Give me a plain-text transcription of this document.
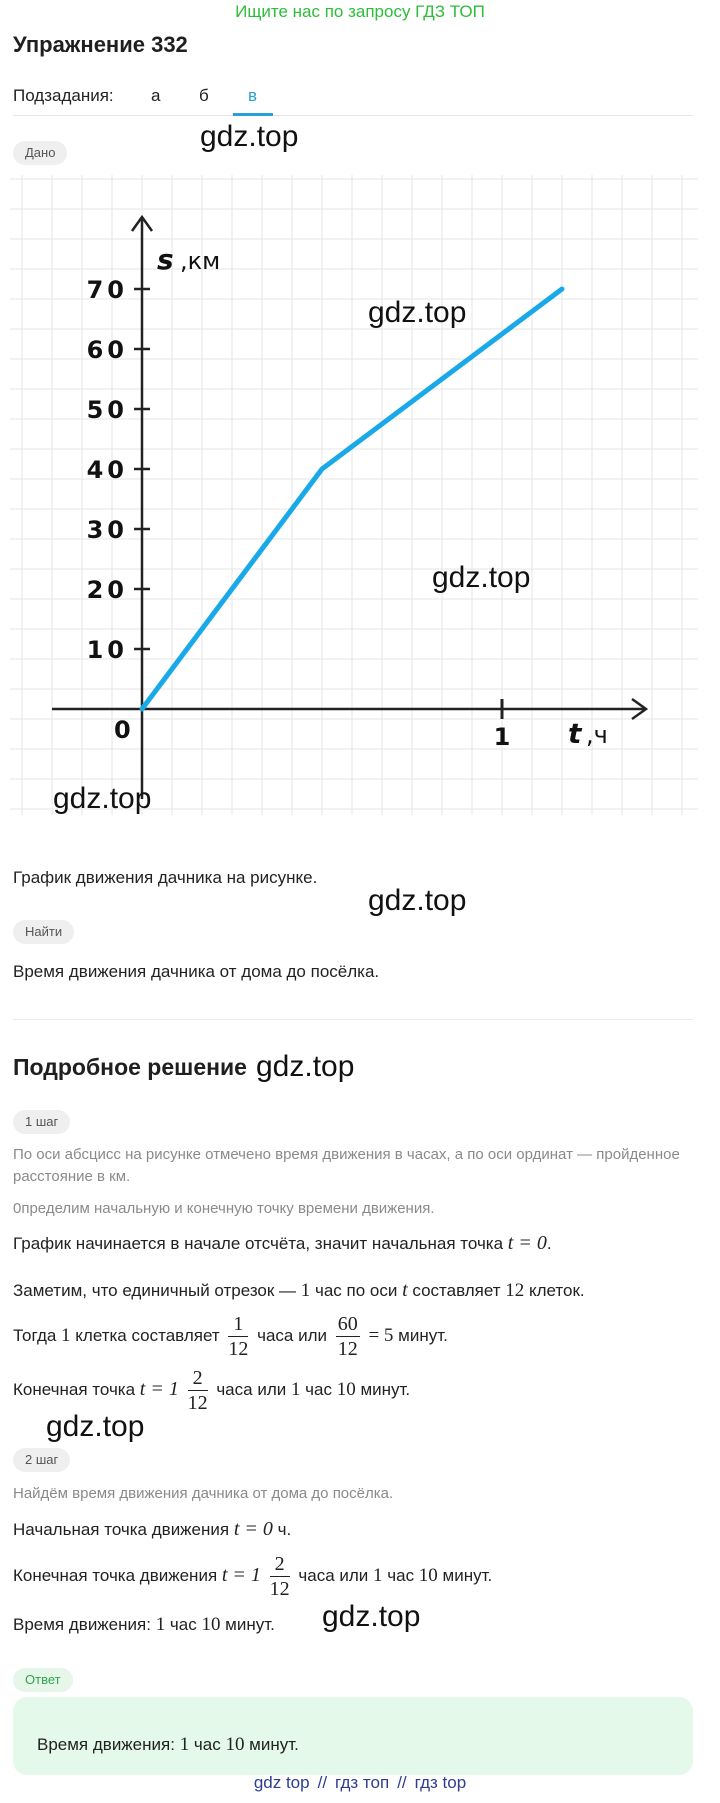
Ищите нас по запросу ГДЗ ТОП
Упражнение 332
Подзадания: а б в
Дано	gdz.top
10
20
30
40
50
60
70
1
s ,км
t ,ч
0
gdz.top
gdz.top
gdz.top
График движения дачника на рисунке.
gdz.top
Найти
Время движения дачника от дома до посёлка.
Подробное решение gdz.top
1 шаг
По оси абсцисс на рисунке отмечено время движения в часах, а по оси ординат — пройденное расстояние в км.
0пределим начальную и конечную точку времени движения.
График начинается в начале отсчёта, значит начальная точка t = 0.
Заметим, что единичный отрезок — 1 час по оси t составляет 12 клеток.
Тогда 1 клетка составляет $\frac{1}{12}$ часа или $\frac{60}{12} = 5$ минут.
Конечная точка $t = 1 \frac{2}{12}$ часа или 1 час 10 минут.
gdz.top
2 шаг
Найдём время движения дачника от дома до посёлка.
Начальная точка движения t = 0 ч.
Конечная точка движения $t = 1 \frac{2}{12}$ часа или 1 час 10 минут.
Время движения: 1 час 10 минут. gdz.top
Ответ
Время движения: 1 час 10 минут.
gdz top // гдз топ // гдз top
